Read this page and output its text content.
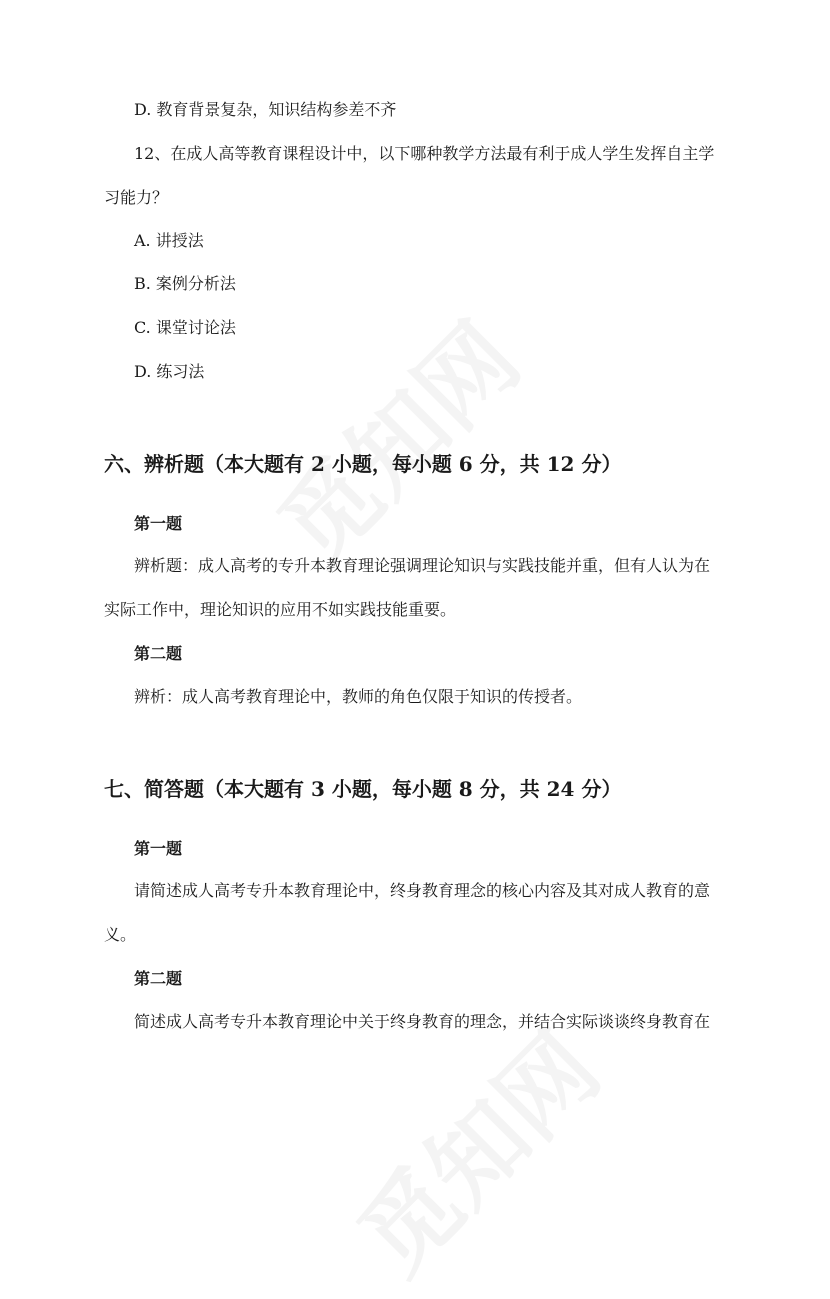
D. 教育背景复杂，知识结构参差不齐
12、在成人高等教育课程设计中，以下哪种教学方法最有利于成人学生发挥自主学
习能力？
A. 讲授法
B. 案例分析法
C. 课堂讨论法
D. 练习法
六、辨析题（本大题有 2 小题，每小题 6 分，共 12 分）
第一题
辨析题：成人高考的专升本教育理论强调理论知识与实践技能并重，但有人认为在
实际工作中，理论知识的应用不如实践技能重要。
第二题
辨析：成人高考教育理论中，教师的角色仅限于知识的传授者。
七、简答题（本大题有 3 小题，每小题 8 分，共 24 分）
第一题
请简述成人高考专升本教育理论中，终身教育理念的核心内容及其对成人教育的意
义。
第二题
简述成人高考专升本教育理论中关于终身教育的理念，并结合实际谈谈终身教育在
